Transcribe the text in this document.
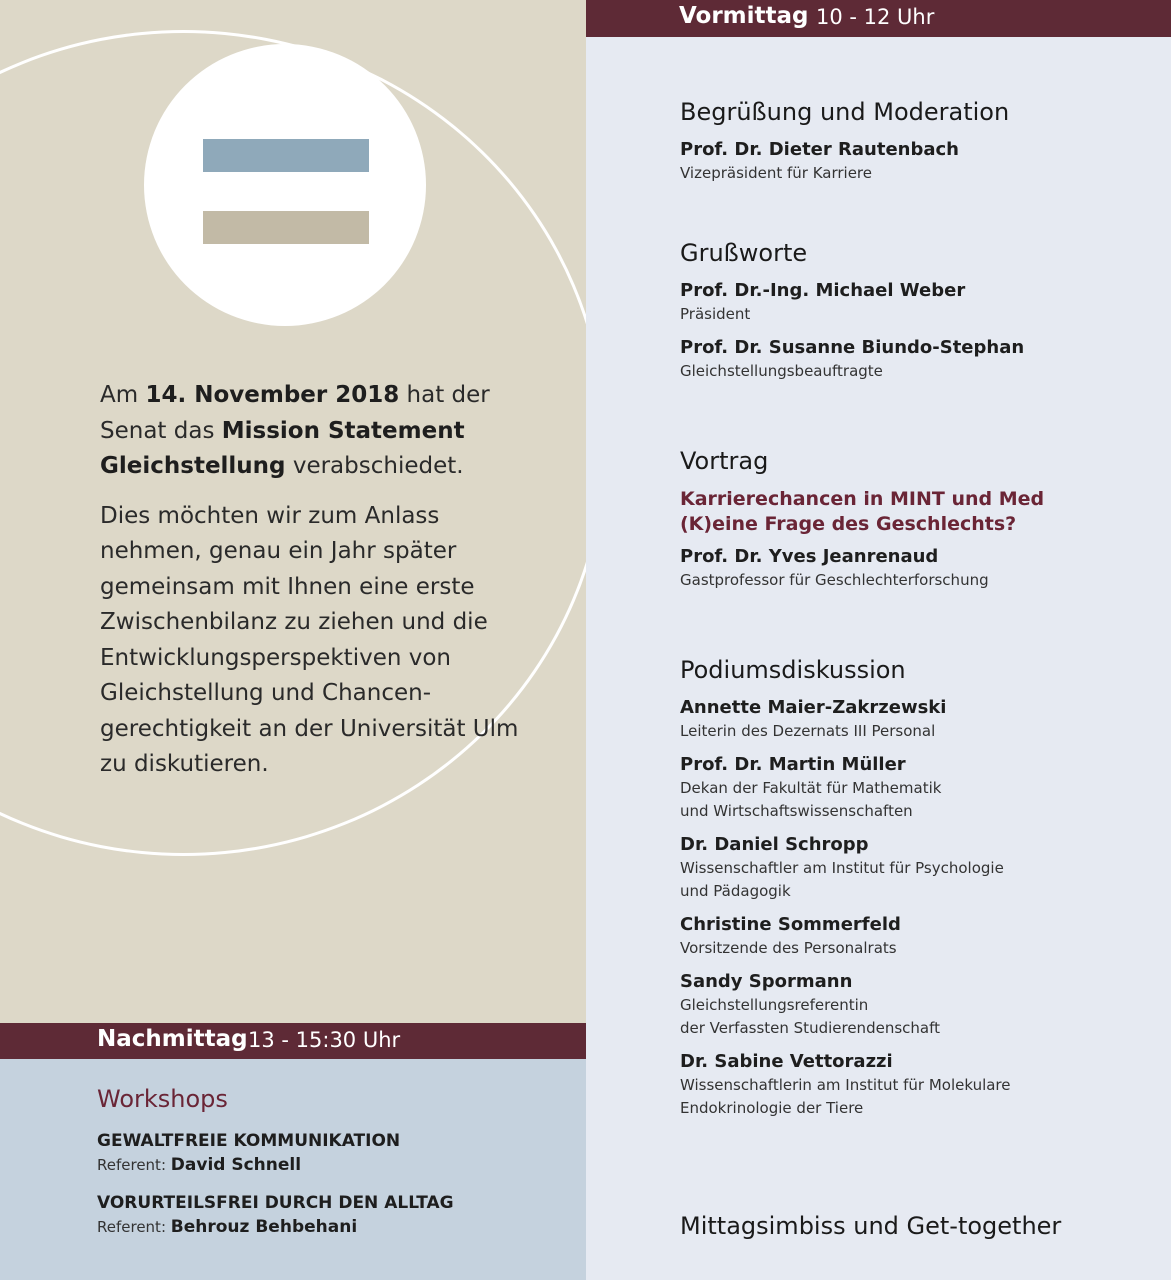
Am 14. November 2018 hat der Senat das Mission Statement Gleichstellung verabschiedet.

Dies möchten wir zum Anlass nehmen, genau ein Jahr später gemeinsam mit Ihnen eine erste Zwischenbilanz zu ziehen und die Entwicklungsperspektiven von Gleichstellung und Chancen-gerechtigkeit an der Universität Ulm zu diskutieren.

Nachmittag 13 - 15:30 Uhr
Workshops
GEWALTFREIE KOMMUNIKATION
Referent: David Schnell
VORURTEILSFREI DURCH DEN ALLTAG
Referent: Behrouz Behbehani
Vormittag 10 - 12 Uhr
Begrüßung und Moderation
Prof. Dr. Dieter Rautenbach
Vizepräsident für Karriere
Grußworte
Prof. Dr.-Ing. Michael Weber
Präsident
Prof. Dr. Susanne Biundo-Stephan
Gleichstellungsbeauftragte
Vortrag
Karrierechancen in MINT und Med
(K)eine Frage des Geschlechts?
Prof. Dr. Yves Jeanrenaud
Gastprofessor für Geschlechterforschung
Podiumsdiskussion
Annette Maier-Zakrzewski
Leiterin des Dezernats III Personal
Prof. Dr. Martin Müller
Dekan der Fakultät für Mathematik
und Wirtschaftswissenschaften
Dr. Daniel Schropp
Wissenschaftler am Institut für Psychologie
und Pädagogik
Christine Sommerfeld
Vorsitzende des Personalrats
Sandy Spormann
Gleichstellungsreferentin
der Verfassten Studierendenschaft
Dr. Sabine Vettorazzi
Wissenschaftlerin am Institut für Molekulare
Endokrinologie der Tiere
Mittagsimbiss und Get-together
